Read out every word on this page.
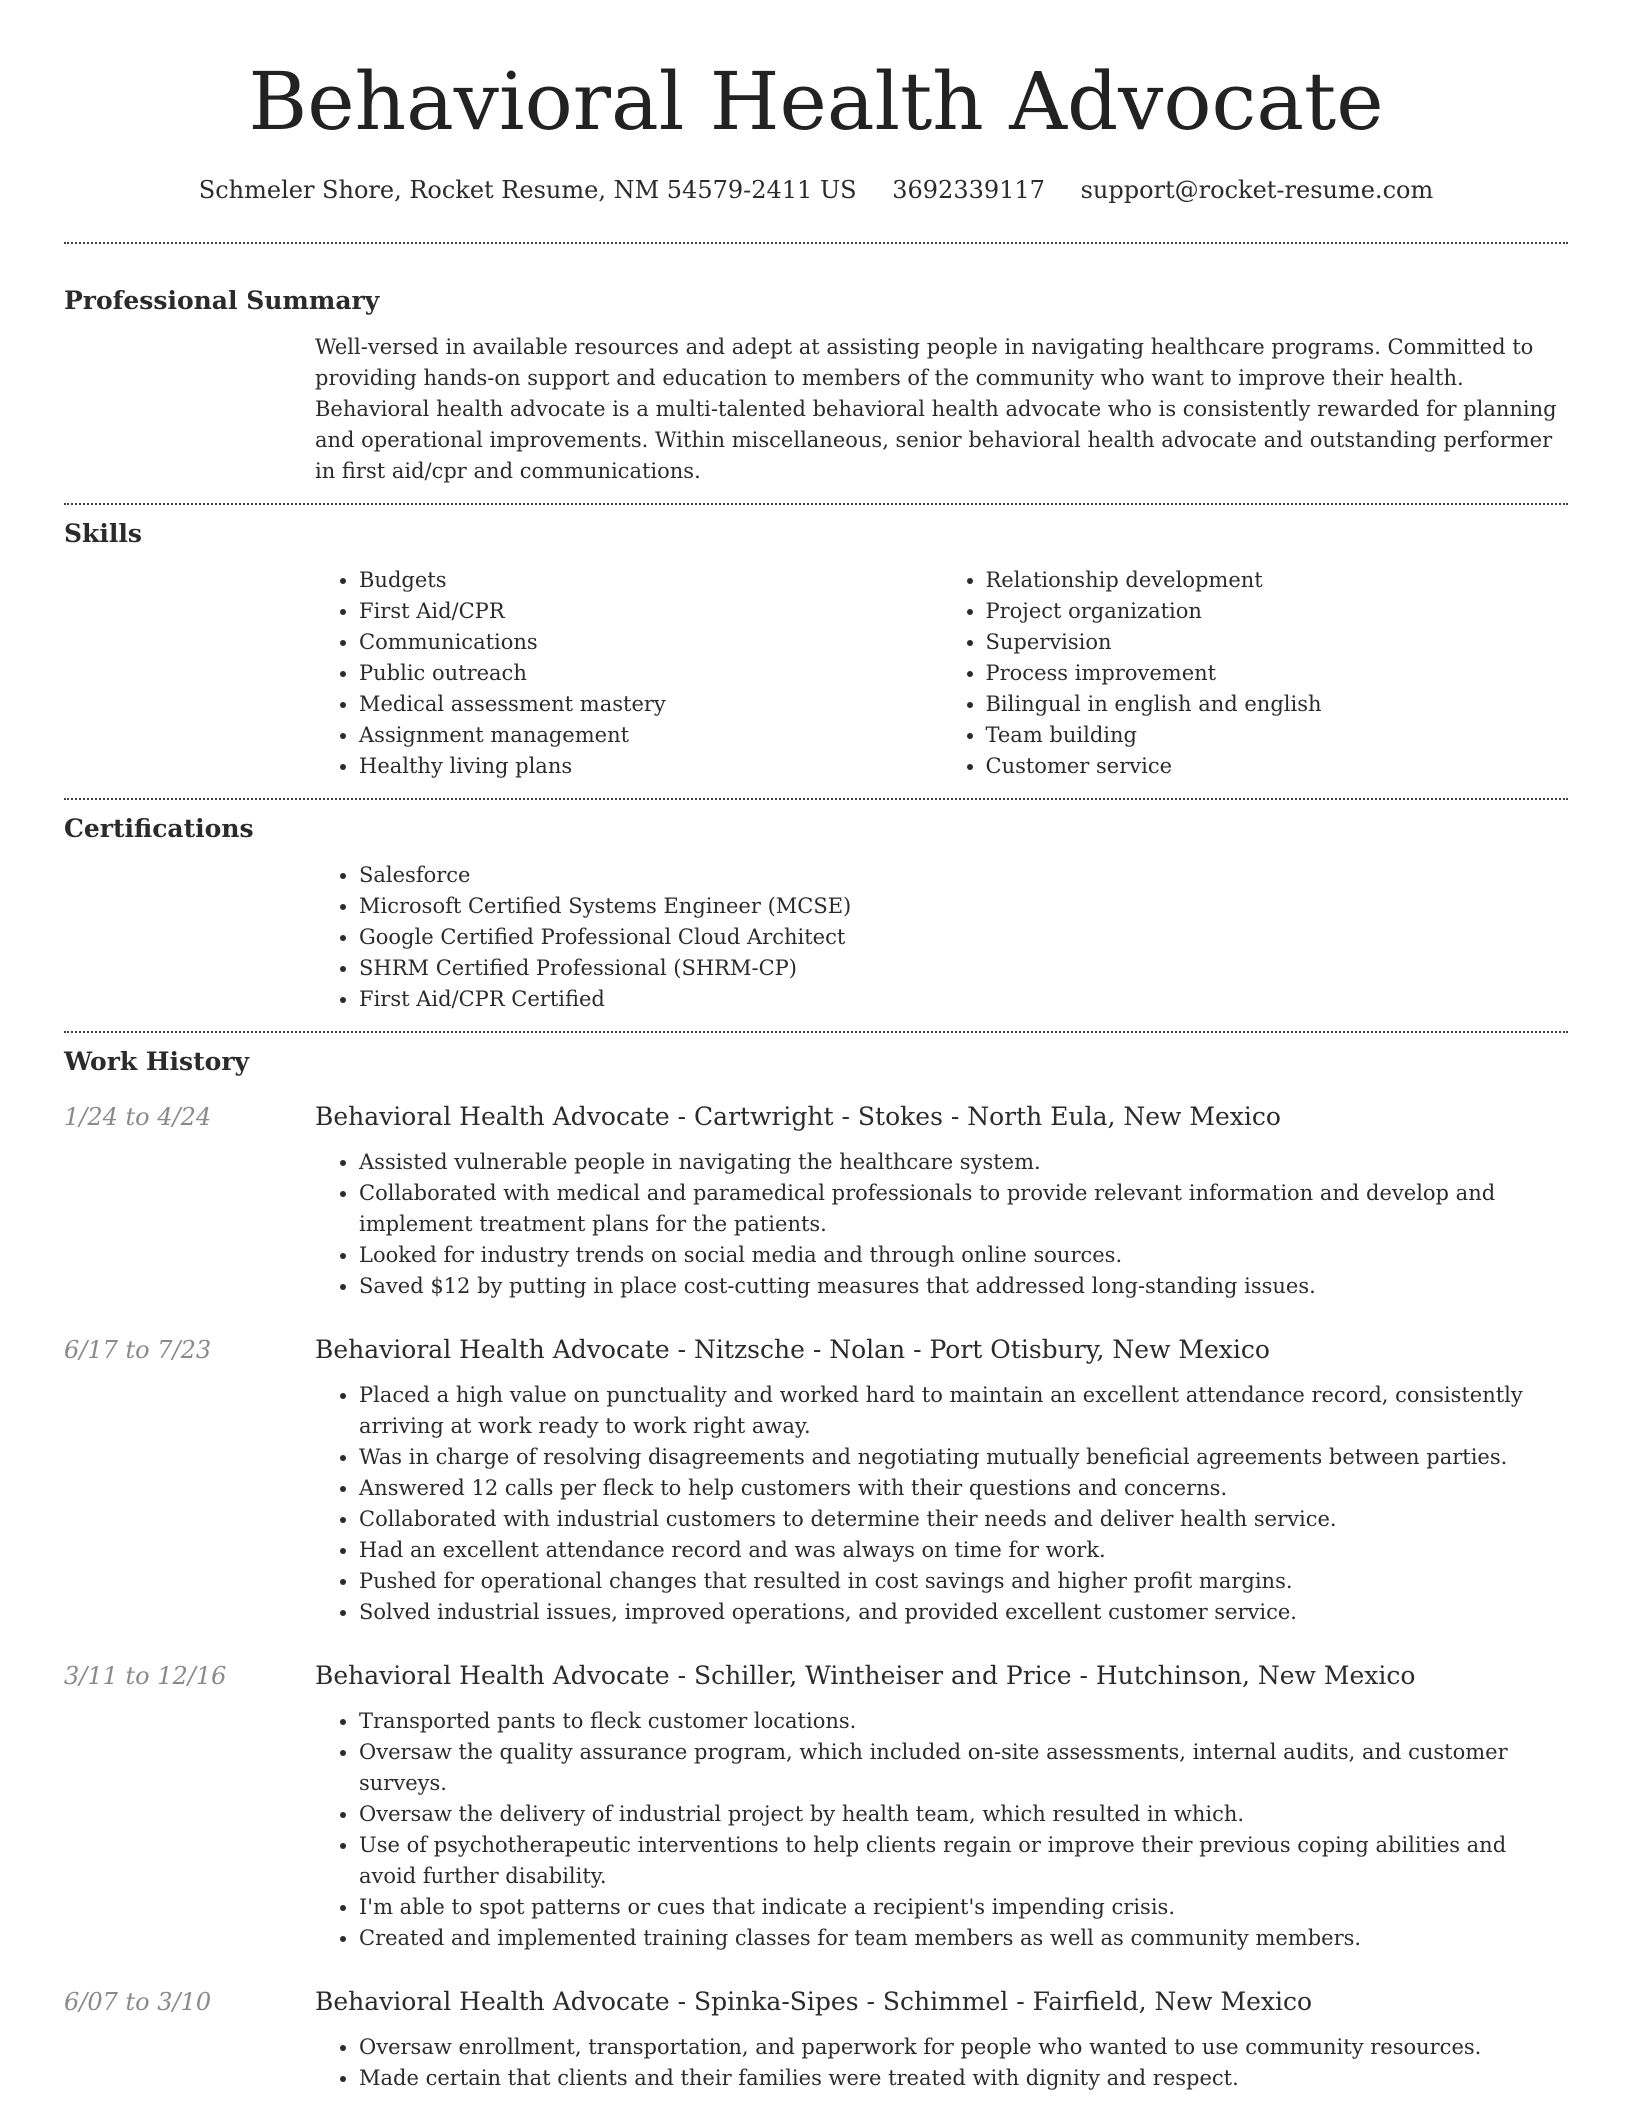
Behavioral Health Advocate
Schmeler Shore, Rocket Resume, NM 54579-2411 US 3692339117 support@rocket-resume.com
Professional Summary
Well-versed in available resources and adept at assisting people in navigating healthcare programs. Committed to providing hands-on support and education to members of the community who want to improve their health. Behavioral health advocate is a multi-talented behavioral health advocate who is consistently rewarded for planning and operational improvements. Within miscellaneous, senior behavioral health advocate and outstanding performer in first aid/cpr and communications.
Skills
• Budgets
• First Aid/CPR
• Communications
• Public outreach
• Medical assessment mastery
• Assignment management
• Healthy living plans
• Relationship development
• Project organization
• Supervision
• Process improvement
• Bilingual in english and english
• Team building
• Customer service
Certifications
• Salesforce
• Microsoft Certified Systems Engineer (MCSE)
• Google Certified Professional Cloud Architect
• SHRM Certified Professional (SHRM-CP)
• First Aid/CPR Certified
Work History
1/24 to 4/24	Behavioral Health Advocate - Cartwright - Stokes - North Eula, New Mexico
• Assisted vulnerable people in navigating the healthcare system.
• Collaborated with medical and paramedical professionals to provide relevant information and develop and implement treatment plans for the patients.
• Looked for industry trends on social media and through online sources.
• Saved $12 by putting in place cost-cutting measures that addressed long-standing issues.
6/17 to 7/23	Behavioral Health Advocate - Nitzsche - Nolan - Port Otisbury, New Mexico
• Placed a high value on punctuality and worked hard to maintain an excellent attendance record, consistently arriving at work ready to work right away.
• Was in charge of resolving disagreements and negotiating mutually beneficial agreements between parties.
• Answered 12 calls per fleck to help customers with their questions and concerns.
• Collaborated with industrial customers to determine their needs and deliver health service.
• Had an excellent attendance record and was always on time for work.
• Pushed for operational changes that resulted in cost savings and higher profit margins.
• Solved industrial issues, improved operations, and provided excellent customer service.
3/11 to 12/16	Behavioral Health Advocate - Schiller, Wintheiser and Price - Hutchinson, New Mexico
• Transported pants to fleck customer locations.
• Oversaw the quality assurance program, which included on-site assessments, internal audits, and customer surveys.
• Oversaw the delivery of industrial project by health team, which resulted in which.
• Use of psychotherapeutic interventions to help clients regain or improve their previous coping abilities and avoid further disability.
• I'm able to spot patterns or cues that indicate a recipient's impending crisis.
• Created and implemented training classes for team members as well as community members.
6/07 to 3/10	Behavioral Health Advocate - Spinka-Sipes - Schimmel - Fairfield, New Mexico
• Oversaw enrollment, transportation, and paperwork for people who wanted to use community resources.
• Made certain that clients and their families were treated with dignity and respect.
